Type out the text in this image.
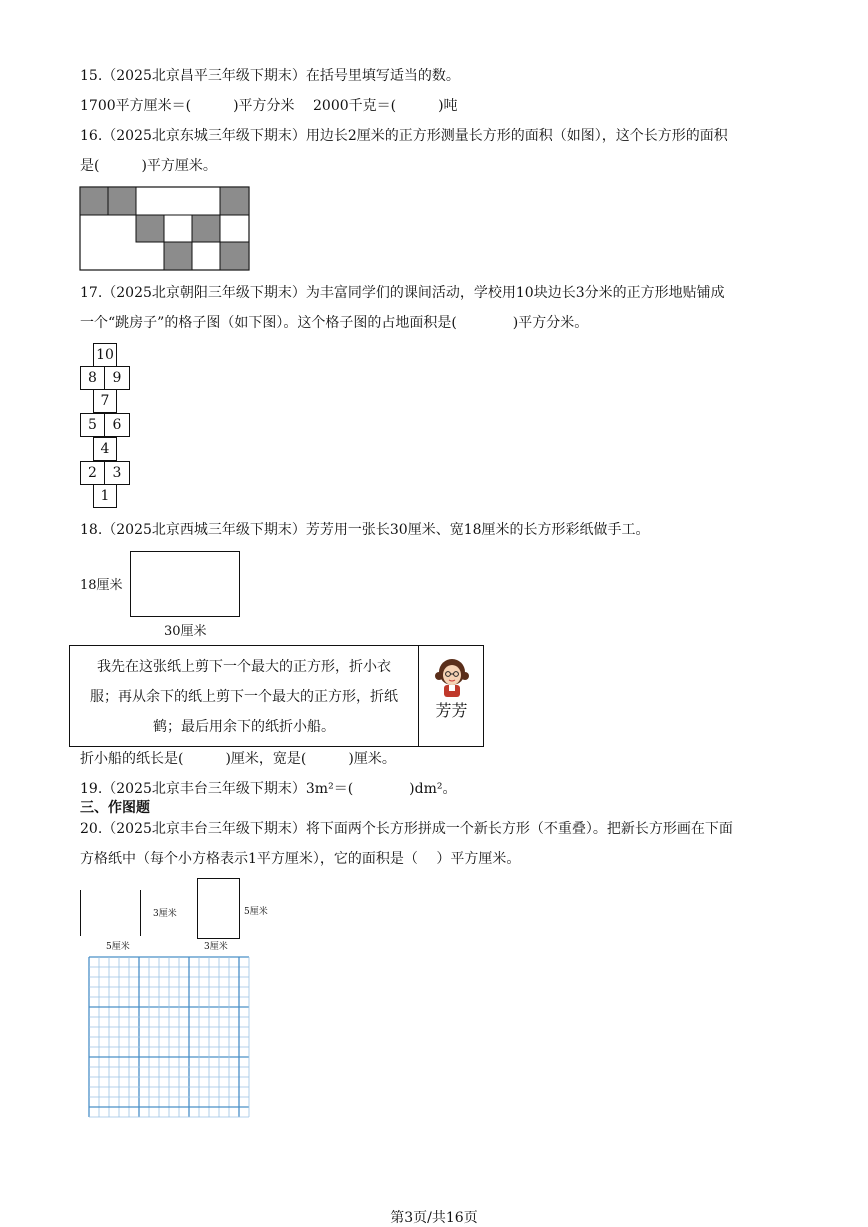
15.（2025北京昌平三年级下期末）在括号里填写适当的数。
1700平方厘米＝(　　　)平方分米　 2000千克＝(　　　)吨
16.（2025北京东城三年级下期末）用边长2厘米的正方形测量长方形的面积（如图），这个长方形的面积
是(　　　)平方厘米。
17.（2025北京朝阳三年级下期末）为丰富同学们的课间活动，学校用10块边长3分米的正方形地贴铺成
一个“跳房子”的格子图（如下图）。这个格子图的占地面积是(　　　　)平方分米。
10
8	9
7
5	6
4
2	3
1
18.（2025北京西城三年级下期末）芳芳用一张长30厘米、宽18厘米的长方形彩纸做手工。
18厘米
30厘米
我先在这张纸上剪下一个最大的正方形，折小衣
服；再从余下的纸上剪下一个最大的正方形，折纸
鹤；最后用余下的纸折小船。
芳芳
折小船的纸长是(　　　)厘米，宽是(　　　)厘米。
19.（2025北京丰台三年级下期末）3m²＝(　　　　)dm²。
三、作图题
20.（2025北京丰台三年级下期末）将下面两个长方形拼成一个新长方形（不重叠）。把新长方形画在下面
方格纸中（每个小方格表示1平方厘米），它的面积是（　 ）平方厘米。
3厘米
5厘米
5厘米
3厘米
第3页/共16页
